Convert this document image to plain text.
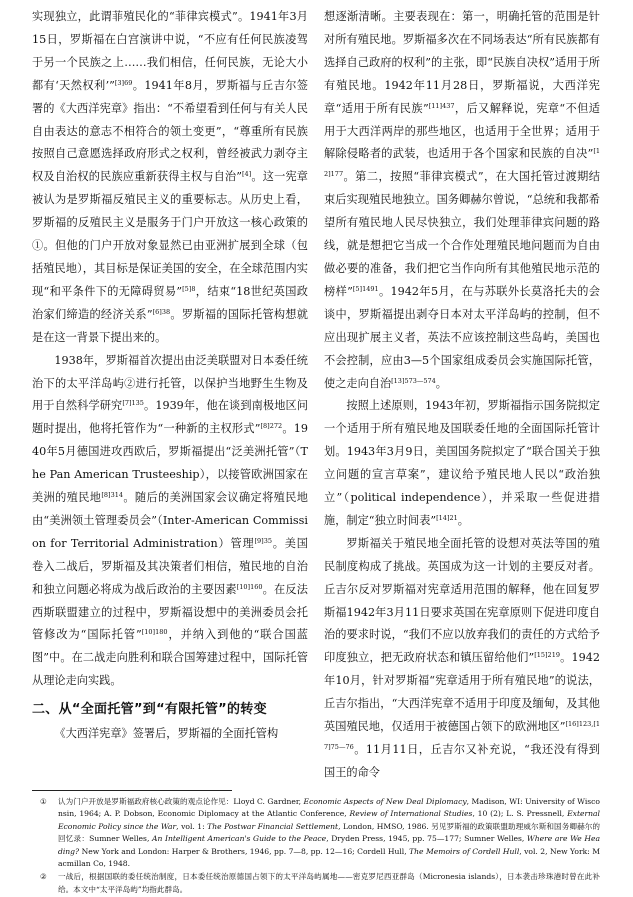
实现独立，此谓菲殖民化的“菲律宾模式”。1941年3月15日，罗斯福在白宫演讲中说，“不应有任何民族凌驾于另一个民族之上……我们相信，任何民族，无论大小都有‘天然权利’”$^{[3]69}$。1941年8月，罗斯福与丘吉尔签署的《大西洋宪章》指出：“不希望看到任何与有关人民自由表达的意志不相符合的领土变更”，“尊重所有民族按照自己意愿选择政府形式之权利，曾经被武力剥夺主权及自治权的民族应重新获得主权与自治”[4]。这一宪章被认为是罗斯福反殖民主义的重要标志。从历史上看，罗斯福的反殖民主义是服务于门户开放这一核心政策的①。但他的门户开放对象显然已由亚洲扩展到全球（包括殖民地），其目标是保证美国的安全，在全球范围内实现“和平条件下的无障碍贸易”$^{[5]8}$，结束“18世纪英国政治家们缔造的经济关系”$^{[6]38}$。罗斯福的国际托管构想就是在这一背景下提出来的。

1938年，罗斯福首次提出由泛美联盟对日本委任统治下的太平洋岛屿②进行托管，以保护当地野生生物及用于自然科学研究$^{[7]135}$。1939年，他在谈到南极地区问题时提出，他将托管作为“一种新的主权形式”$^{[8]272}$。1940年5月德国进攻西欧后，罗斯福提出“泛美洲托管”（The Pan American Trusteeship），以接管欧洲国家在美洲的殖民地$^{[8]314}$。随后的美洲国家会议确定将殖民地由“美洲领土管理委员会”（Inter-American Commission for Territorial Administration）管理$^{[9]35}$。美国卷入二战后，罗斯福及其决策者们相信，殖民地的自治和独立问题必将成为战后政治的主要因素$^{[10]160}$。在反法西斯联盟建立的过程中，罗斯福设想中的美洲委员会托管修改为“国际托管”$^{[10]180}$，并纳入到他的“联合国蓝图”中。在二战走向胜利和联合国筹建过程中，国际托管从理论走向实践。

二、从“全面托管”到“有限托管”的转变

《大西洋宪章》签署后，罗斯福的全面托管构

想逐渐清晰。主要表现在：第一，明确托管的范围是针对所有殖民地。罗斯福多次在不同场表达“所有民族都有选择自己政府的权利”的主张，即“民族自决权”适用于所有殖民地。1942年11月28日，罗斯福说，大西洋宪章“适用于所有民族”$^{[11]437}$，后又解释说，宪章“不但适用于大西洋两岸的那些地区，也适用于全世界；适用于解除侵略者的武装，也适用于各个国家和民族的自决”$^{[12]177}$。第二，按照“菲律宾模式”，在大国托管过渡期结束后实现殖民地独立。国务卿赫尔曾说，“总统和我都希望所有殖民地人民尽快独立，我们处理菲律宾问题的路线，就是想把它当成一个合作处理殖民地问题而为自由做必要的准备，我们把它当作向所有其他殖民地示范的榜样”$^{[5]1491}$。1942年5月，在与苏联外长莫洛托夫的会谈中，罗斯福提出剥夺日本对太平洋岛屿的控制，但不应出现扩展主义者，英法不应该控制这些岛屿，美国也不会控制，应由3—5个国家组成委员会实施国际托管，使之走向自治$^{[13]573—574}$。

按照上述原则，1943年初，罗斯福指示国务院拟定一个适用于所有殖民地及国联委任地的全面国际托管计划。1943年3月9日，美国国务院拟定了“联合国关于独立问题的宣言草案”，建议给予殖民地人民以“政治独立”（political independence），并采取一些促进措施，制定“独立时间表”$^{[14]21}$。

罗斯福关于殖民地全面托管的设想对英法等国的殖民制度构成了挑战。英国成为这一计划的主要反对者。丘吉尔反对罗斯福对宪章适用范围的解释，他在回复罗斯福1942年3月11日要求英国在宪章原则下促进印度自治的要求时说，“我们不应以放弃我们的责任的方式给予印度独立，把无政府状态和镇压留给他们”$^{[15]219}$。1942年10月，针对罗斯福“宪章适用于所有殖民地”的说法，丘吉尔指出，“大西洋宪章不适用于印度及缅甸，及其他英国殖民地，仅适用于被德国占领下的欧洲地区”$^{[16]123,[17]75—76}$。11月11日，丘吉尔又补充说，“我还没有得到国王的命令

①	认为门户开放是罗斯福政府核心政策的观点论作见：Lloyd C. Gardner, Economic Aspects of New Deal Diplomacy, Madison, WI: University of Wisconsin, 1964; A. P. Dobson, Economic Diplomacy at the Atlantic Conference, Review of International Studies, 10 (2); L. S. Pressnell, External Economic Policy since the War, vol. 1: The Postwar Financial Settlement, London, HMSO, 1986. 另见罗斯福的政策联盟助理威尔斯和国务卿赫尔的回忆录：Sumner Welles, An Intelligent American's Guide to the Peace, Dryden Press, 1945, pp. 75—177; Sumner Welles, Where are We Heading? New York and London: Harper & Brothers, 1946, pp. 7—8, pp. 12—16; Cordell Hull, The Memoirs of Cordell Hull, vol. 2, New York: Macmillan Co, 1948.
②	一战后，根据国联的委任统治制度，日本委任统治原德国占领下的太平洋岛屿属地——密克罗尼西亚群岛（Micronesia islands），日本袭击珍珠港时曾在此补给。本文中“太平洋岛屿”均指此群岛。
